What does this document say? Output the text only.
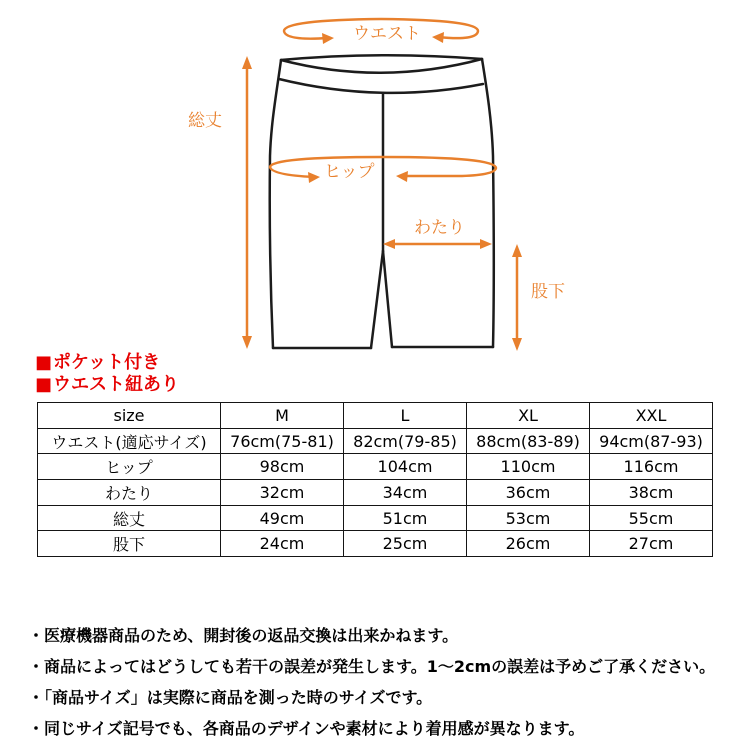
ウエスト
総丈
ヒップ
わたり
股下
■ ポケット付き
■ ウエスト紐あり
size	M	L	XL	XXL
ウエスト(適応サイズ)	76cm(75-81)	82cm(79-85)	88cm(83-89)	94cm(87-93)
ヒップ	98cm	104cm	110cm	116cm
わたり	32cm	34cm	36cm	38cm
総丈	49cm	51cm	53cm	55cm
股下	24cm	25cm	26cm	27cm
・医療機器商品のため、開封後の返品交換は出来かねます。
・商品によってはどうしても若干の誤差が発生します。1〜2cmの誤差は予めご了承ください。
・「商品サイズ」は実際に商品を測った時のサイズです。
・同じサイズ記号でも、各商品のデザインや素材により着用感が異なります。
